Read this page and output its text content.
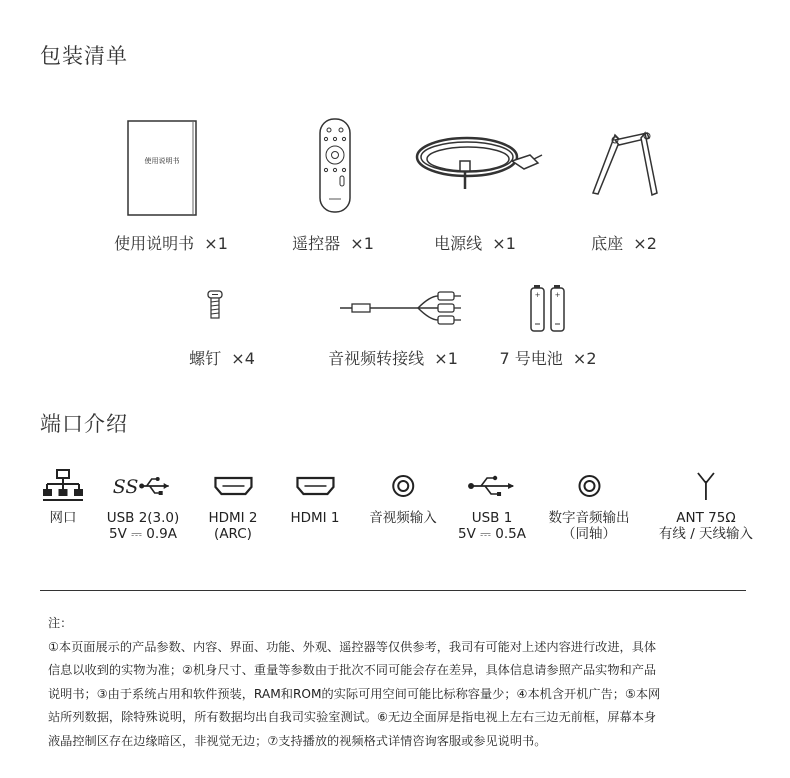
包装清单
使用说明书
使用说明书 ×1	遥控器 ×1	电源线 ×1	底座 ×2
+ +
螺钉 ×4	音视频转接线 ×1	7 号电池 ×2
端口介绍
网口
SS
USB 2(3.0)
5V ⎓ 0.9A
HDMI 2
(ARC)
HDMI 1 音视频输入	USB 1
5V ⎓ 0.5A
数字音频输出
（同轴）
ANT 75Ω
有线 / 天线输入
注：
①本页面展示的产品参数、内容、界面、功能、外观、遥控器等仅供参考，我司有可能对上述内容进行改进，具体
信息以收到的实物为准；②机身尺寸、重量等参数由于批次不同可能会存在差异，具体信息请参照产品实物和产品
说明书；③由于系统占用和软件预装，RAM和ROM的实际可用空间可能比标称容量少；④本机含开机广告；⑤本网
站所列数据，除特殊说明，所有数据均出自我司实验室测试。⑥无边全面屏是指电视上左右三边无前框，屏幕本身
液晶控制区存在边缘暗区，非视觉无边；⑦支持播放的视频格式详情咨询客服或参见说明书。
